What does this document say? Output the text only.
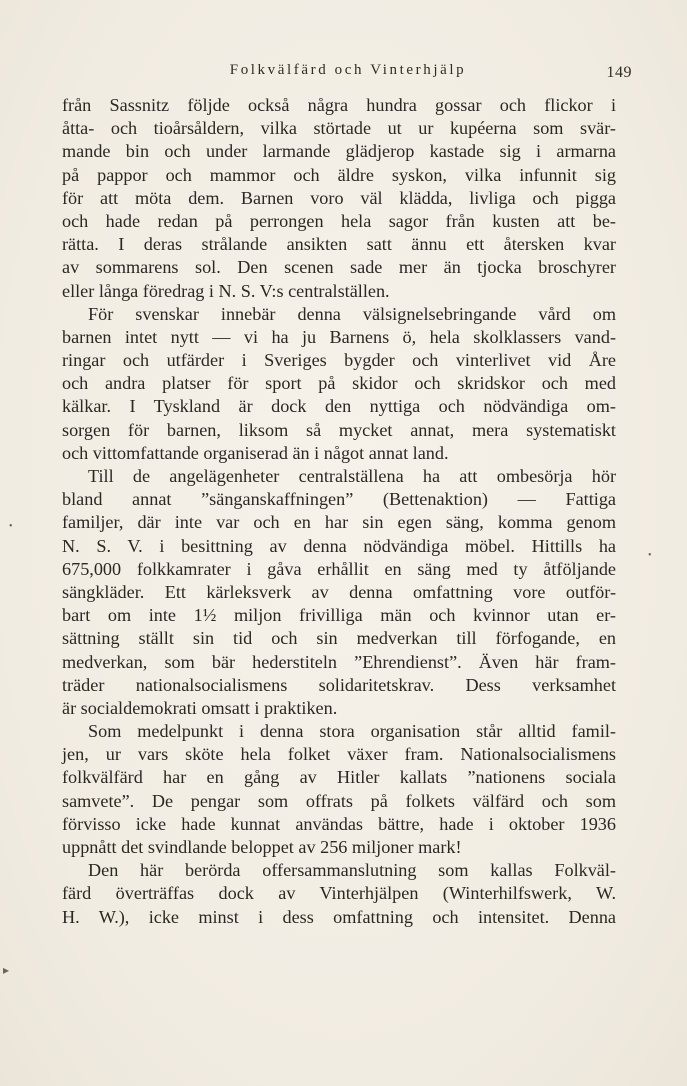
Folkvälfärd och Vinterhjälp	149
från Sassnitz följde också några hundra gossar och flickor i
åtta- och tioårsåldern, vilka störtade ut ur kupéerna som svär-
mande bin och under larmande glädjerop kastade sig i armarna
på pappor och mammor och äldre syskon, vilka infunnit sig
för att möta dem. Barnen voro väl klädda, livliga och pigga
och hade redan på perrongen hela sagor från kusten att be-
rätta. I deras strålande ansikten satt ännu ett återsken kvar
av sommarens sol. Den scenen sade mer än tjocka broschyrer
eller långa föredrag i N. S. V:s centralställen.
För svenskar innebär denna välsignelsebringande vård om
barnen intet nytt — vi ha ju Barnens ö, hela skolklassers vand-
ringar och utfärder i Sveriges bygder och vinterlivet vid Åre
och andra platser för sport på skidor och skridskor och med
kälkar. I Tyskland är dock den nyttiga och nödvändiga om-
sorgen för barnen, liksom så mycket annat, mera systematiskt
och vittomfattande organiserad än i något annat land.
Till de angelägenheter centralställena ha att ombesörja hör
bland annat ”sänganskaffningen” (Bettenaktion) — Fattiga
familjer, där inte var och en har sin egen säng, komma genom
N. S. V. i besittning av denna nödvändiga möbel. Hittills ha
675,000 folkkamrater i gåva erhållit en säng med ty åtföljande
sängkläder. Ett kärleksverk av denna omfattning vore outför-
bart om inte 1½ miljon frivilliga män och kvinnor utan er-
sättning ställt sin tid och sin medverkan till förfogande, en
medverkan, som bär hederstiteln ”Ehrendienst”. Även här fram-
träder nationalsocialismens solidaritetskrav. Dess verksamhet
är socialdemokrati omsatt i praktiken.
Som medelpunkt i denna stora organisation står alltid famil-
jen, ur vars sköte hela folket växer fram. Nationalsocialismens
folkvälfärd har en gång av Hitler kallats ”nationens sociala
samvete”. De pengar som offrats på folkets välfärd och som
förvisso icke hade kunnat användas bättre, hade i oktober 1936
uppnått det svindlande beloppet av 256 miljoner mark!
Den här berörda offersammanslutning som kallas Folkväl-
färd överträffas dock av Vinterhjälpen (Winterhilfswerk, W.
H. W.), icke minst i dess omfattning och intensitet. Denna
•
•
▸
